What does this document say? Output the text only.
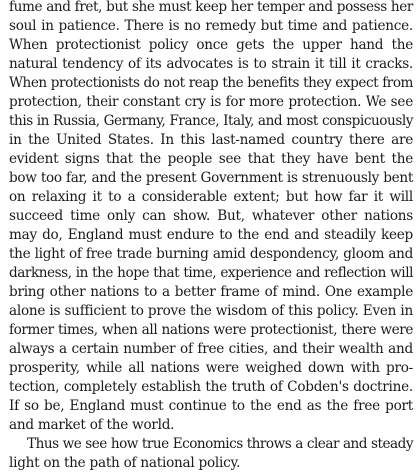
fume and fret, but she must keep her temper and possess her
soul in patience. There is no remedy but time and patience.
When protectionist policy once gets the upper hand the
natural tendency of its advocates is to strain it till it cracks.
When protectionists do not reap the benefits they expect from
protection, their constant cry is for more protection. We see
this in Russia, Germany, France, Italy, and most conspicuously
in the United States. In this last-named country there are
evident signs that the people see that they have bent the
bow too far, and the present Government is strenuously bent
on relaxing it to a considerable extent; but how far it will
succeed time only can show. But, whatever other nations
may do, England must endure to the end and steadily keep
the light of free trade burning amid despondency, gloom and
darkness, in the hope that time, experience and reflection will
bring other nations to a better frame of mind. One example
alone is sufficient to prove the wisdom of this policy. Even in
former times, when all nations were protectionist, there were
always a certain number of free cities, and their wealth and
prosperity, while all nations were weighed down with pro-
tection, completely establish the truth of Cobden's doctrine.
If so be, England must continue to the end as the free port
and market of the world.
Thus we see how true Economics throws a clear and steady
light on the path of national policy.
